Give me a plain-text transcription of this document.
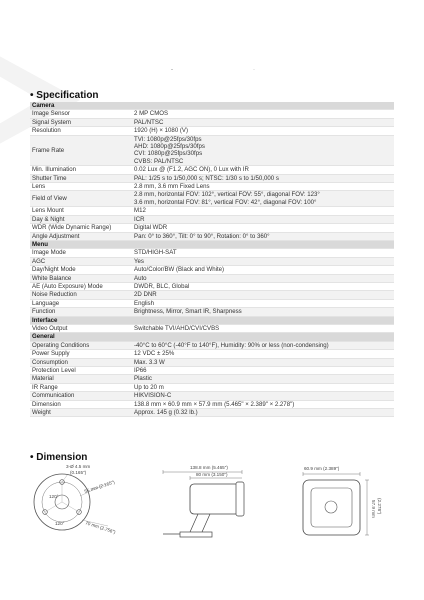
-	·
• Specification
Camera	
Image Sensor	2 MP CMOS

Signal System	PAL/NTSC

Resolution	1920 (H) × 1080 (V)

Frame Rate	TVI: 1080p@25fps/30fps
AHD: 1080p@25fps/30fps
CVI: 1080p@25fps/30fps
CVBS: PAL/NTSC

Min. Illumination	0.02 Lux @ (F1.2, AGC ON), 0 Lux with IR

Shutter Time	PAL: 1/25 s to 1/50,000 s; NTSC: 1/30 s to 1/50,000 s

Lens	2.8 mm, 3.6 mm Fixed Lens

Field of View	2.8 mm, horizontal FOV: 102°, vertical FOV: 55°, diagonal FOV: 123°
3.6 mm, horizontal FOV: 81°, vertical FOV: 42°, diagonal FOV: 100°

Lens Mount	M12

Day & Night	ICR

WDR (Wide Dynamic Range)	Digital WDR

Angle Adjustment	Pan: 0° to 360°, Tilt: 0° to 90°, Rotation: 0° to 360°

Menu	
Image Mode	STD/HIGH-SAT

AGC	Yes

Day/Night Mode	Auto/Color/BW (Black and White)

White Balance	Auto

AE (Auto Exposure) Mode	DWDR, BLC, Global

Noise Reduction	2D DNR

Language	English

Function	Brightness, Mirror, Smart IR, Sharpness

Interface	
Video Output	Switchable TVI/AHD/CVI/CVBS

General	
Operating Conditions	-40°C to 60°C (-40°F to 140°F), Humidity: 90% or less (non-condensing)

Power Supply	12 VDC ± 25%

Consumption	Max. 3.3 W

Protection Level	IP66

Material	Plastic

IR Range	Up to 20 m

Communication	HIKVISION-C

Dimension	138.8 mm × 60.9 mm × 57.9 mm (5.465" × 2.389" × 2.278")

Weight	Approx. 145 g (0.32 lb.)
• Dimension
3-Ø 4.5 mm
(0.165")
55 mm (2.165")
120°
120°	70 mm (2.756")
138.8 mm (5.465")
80 mm (3.150")
60.9 mm (2.389")
57.9 mm (2.278")
